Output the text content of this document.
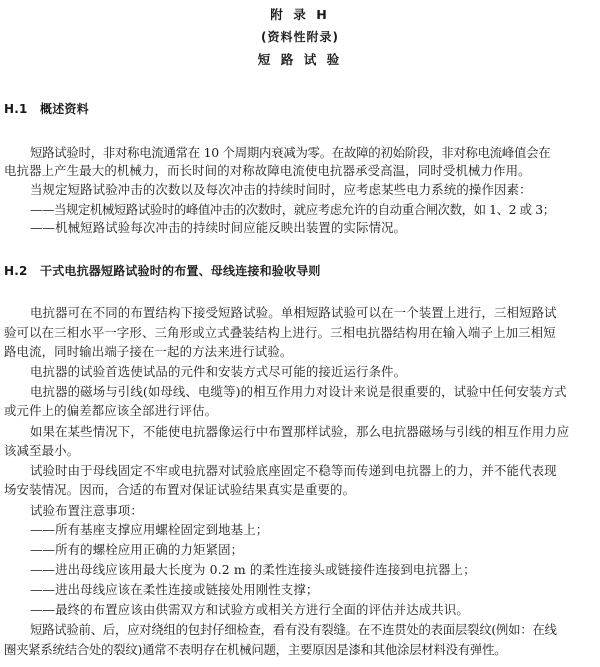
附 录 H
(资料性附录)
短 路 试 验
H.1 概述资料
短路试验时，非对称电流通常在 10 个周期内衰减为零。在故障的初始阶段，非对称电流峰值会在
电抗器上产生最大的机械力，而长时间的对称故障电流使电抗器承受高温，同时受机械力作用。
当规定短路试验冲击的次数以及每次冲击的持续时间时，应考虑某些电力系统的操作因素：
——当规定机械短路试验时的峰值冲击的次数时，就应考虑允许的自动重合闸次数，如 1、2 或 3；
——机械短路试验每次冲击的持续时间应能反映出装置的实际情况。
H.2 干式电抗器短路试验时的布置、母线连接和验收导则
电抗器可在不同的布置结构下接受短路试验。单相短路试验可以在一个装置上进行，三相短路试
验可以在三相水平一字形、三角形或立式叠装结构上进行。三相电抗器结构用在输入端子上加三相短
路电流，同时输出端子接在一起的方法来进行试验。
电抗器的试验首选使试品的元件和安装方式尽可能的接近运行条件。
电抗器的磁场与引线(如母线、电缆等)的相互作用力对设计来说是很重要的，试验中任何安装方式
或元件上的偏差都应该全部进行评估。
如果在某些情况下，不能使电抗器像运行中布置那样试验，那么电抗器磁场与引线的相互作用力应
该减至最小。
试验时由于母线固定不牢或电抗器对试验底座固定不稳等而传递到电抗器上的力，并不能代表现
场安装情况。因而，合适的布置对保证试验结果真实是重要的。
试验布置注意事项：
——所有基座支撑应用螺栓固定到地基上；
——所有的螺栓应用正确的力矩紧固；
——进出母线应该用最大长度为 0.2 m 的柔性连接头或链接件连接到电抗器上；
——进出母线应该在柔性连接或链接处用刚性支撑；
——最终的布置应该由供需双方和试验方或相关方进行全面的评估并达成共识。
短路试验前、后，应对绕组的包封仔细检查，看有没有裂缝。在不连贯处的表面层裂纹(例如：在线
圈夹紧系统结合处的裂纹)通常不表明存在机械问题，主要原因是漆和其他涂层材料没有弹性。
